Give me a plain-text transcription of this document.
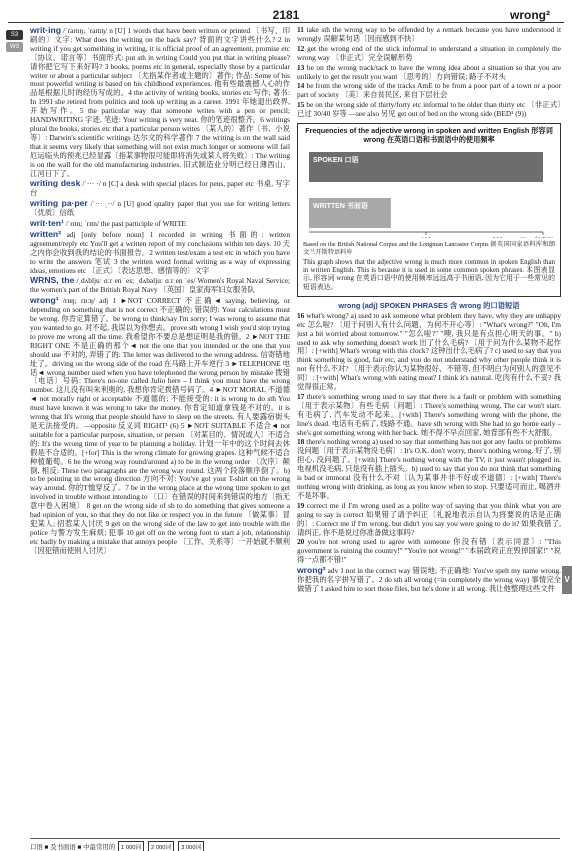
2181	wrong²
S3
W3

writ·ing /ˈraɪtɪŋ; ˈraɪtɪŋ/ n [U] 1 words that have been written or printed 〔书写、印刷的〕文字: What does the writing on the back say? 背面的文字讲些什么? 2 in writing if you get something in writing, it is official proof of an agreement, promise etc 〔协议、诺言等〕书面形式: put sth in writing Could you put that in writing please? 请你把它写下来好吗? 3 books, poems etc in general, especially those by a particular writer or about a particular subject 〔尤指某作者或主题的〕著作; 作品: Some of his most powerful writing is based on his childhood experiences. 他有些最震撼人心的作品是根据儿时的经历写成的。4 the activity of writing books, stories etc 写作; 著书: In 1991 she retired from politics and took up writing as a career. 1991 年她退出政界, 开始写作。5 the particular way that someone writes with a pen or pencil; HANDWRITING 字迹, 笔迹: Your writing is very neat. 你的笔迹很整齐。6 writings plural the books, stories etc that a particular person writes 〔某人的〕著作〔书、小说等〕: Darwin's scientific writings 达尔文的科学著作 7 the writing is on the wall said that it seems very likely that something will not exist much longer or someone will fail 厄运临头的预兆已经显露〔指某事物很可能即将消失或某人将失败〕: The writing is on the wall for the old manufacturing industries. 旧式制造业分明已经日薄西山、江河日下了。

writing desk /ˈ··· ·/ n [C] a desk with special places for pens, paper etc 书桌, 写字台

writing pa·per /ˈ··· ˌ··/ n [U] good quality paper that you use for writing letters 〔优质〕信纸

writ·ten¹ /ˈrɪtn; ˈrɪtn/ the past participle of WRITE

written² adj [only before noun] 1 recorded in writing 书面的: written agreement/reply etc You'll get a written report of my conclusions within ten days. 10 天之内你会收到我的结论的书面报告。2 written test/exam a test etc in which you have to write the answers 笔试 3 the written word formal writing as a way of expressing ideas, emotions etc 〔正式〕〔表达思想、感情等的〕文字

WRNS, the /ˌdʌbljuː ɑːr en ˈes; ˌdʌbəljuː ɑːr en ˈes/ Women's Royal Naval Service; the women's part of the British Royal Navy 〔英国〕皇家海军妇女服务队

wrong¹ /rɒŋ; rɒːŋ/ adj 1 ►NOT CORRECT 不正确◄ saying, believing, or depending on something that is not correct 不正确的; 错误的: Your calculations must be wrong. 你肯定算错了。be wrong to think/say I'm sorry; I was wrong to assume that you wanted to go. 对不起, 我误以为你想去。prove sth wrong I wish you'd stop trying to prove me wrong all the time. 我希望你不要总是想证明是我的错。2 ►NOT THE RIGHT ONE 不是正确的那个◄ not the one that you intended or the one that you should use 不对的, 弄错了的: The letter was delivered to the wrong address. 信寄错地址了。driving on the wrong side of the road 在马路上开车逆行 3 ►TELEPHONE 电话◄ wrong number used when you have telephoned the wrong person by mistake 拨错〔电话〕号码: There's no-one called Julio here – I think you must have the wrong number. 这儿没有叫朱利奥的, 我想你肯定拨错号码了。4 ►NOT MORAL 不道德◄ not morally right or acceptable 不道德的; 不能接受的: it is wrong to do sth You must have known it was wrong to take the money. 你肯定知道拿钱是不对的。it is wrong that It's wrong that people should have to sleep on the streets. 有人要露宿街头是无法接受的。—opposite 反义词 RIGHT¹ (6) 5 ►NOT SUITABLE 不适合◄ not suitable for a particular purpose, situation, or person 〔对某目的、情况或人〕不适合的: It's the wrong time of year to be planning a holiday. 计划一年中的这个时间去休假是不合适的。[+for] This is the wrong climate for growing grapes. 这种气候不适合种植葡萄。6 be the wrong way round/around a) to be in the wrong order 〔次序〕颠倒, 相反: These two paragraphs are the wrong way round. 这两个段落顺序倒了。b) to be pointing in the wrong direction 方向不对: You've got your T-shirt on the wrong way around. 你的T恤穿反了。7 be in the wrong place at the wrong time spoken to get involved in trouble without intending to 〔口〕在错误的时间来到错误的地方〔指无意中卷入困境〕 8 get on the wrong side of sb to do something that gives someone a bad opinion of you, so that they do not like or respect you in the future 〔做某事〕冒犯某人; 招惹某人讨厌 9 get on the wrong side of the law to get into trouble with the police 与警方发生麻烦; 犯事 10 get off on the wrong foot to start a job, relationship etc badly by making a mistake that annoys people 〔工作、关系等〕一开始就不顺利〔因犯错而使别人讨厌〕

11 take sth the wrong way to be offended by a remark because you have understood it wrongly 误解某句话〔因而感到不快〕

12 get the wrong end of the stick informal to understand a situation in completely the wrong way 〔非正式〕完全误解形势

13 be on the wrong track/tack to have the wrong idea about a situation so that you are unlikely to get the result you want 〔思考的〕方向错误; 路子不对头

14 be from the wrong side of the tracks AmE to be from a poor part of a town or a poor part of society 〔美〕来自贫民区, 来自下层社会

15 be on the wrong side of thirty/forty etc informal to be older than thirty etc 〔非正式〕已过 30/40 岁等 —see also 另见 get out of bed on the wrong side (BED¹ (9))

Frequencies of the adjective wrong in spoken and written English 形容词 wrong 在英语口语和书面语中的使用频率
SPOKEN 口语
WRITTEN 书面语
Based on the British National Corpus and the Longman Lancaster Corpus 据英国国家语料库和朗文兰开斯特语料库
This graph shows that the adjective wrong is much more common in spoken English than in written English. This is because it is used in some common spoken phrases. 本图表显示, 形容词 wrong 在英语口语中的使用频率远远高于书面语, 因为它用于一些常见的短语表达。

wrong (adj) SPOKEN PHRASES 含 wrong 的口语短语

16 what's wrong? a) used to ask someone what problem they have, why they are unhappy etc 怎么啦? 〔用于问别人有什么问题、为何不开心等〕: "What's wrong?" "Oh, I'm just a bit worried about tomorrow." "怎么啦?" "噢, 我只是有点担心明天的事。" b) used to ask why something doesn't work 出了什么毛病? 〔用于问为什么某物不起作用〕: [+with] What's wrong with this clock? 这钟出什么毛病了? c) used to say that you think something is good, fair etc, and you do not understand why other people think it is not 有什么不对? 〔用于表示你认为某物很好、不错等, 但不明白为何别人的意见不同〕: [+with] What's wrong with eating meat? I think it's natural. 吃肉有什么不妥? 我觉得很正常。

17 there's something wrong used to say that there is a fault or problem with something 〔用于表示某物〕有些毛病〔问题〕: There's something wrong. The car won't start. 有毛病了, 汽车发动不起来。[+with] There's something wrong with the phone, the line's dead. 电话有毛病了, 线路不通。have sth wrong with She had to go home early – she's got something wrong with her back. 她不得不早点回家, 她背部有些不大舒服。

18 there's nothing wrong a) used to say that something has not got any faults or problems 没问题〔用于表示某物没毛病〕: It's O.K. don't worry, there's nothing wrong. 好了, 别担心, 没问题了。[+with] There's nothing wrong with the TV, it just wasn't plugged in. 电视机没毛病, 只是没有插上插头。b) used to say that you do not think that something is bad or immoral 没有什么不对〔认为某事并非不好或不道德〕: [+with] There's nothing wrong with drinking, as long as you know when to stop. 只要适可而止, 喝酒并不是坏事。

19 correct me if I'm wrong used as a polite way of saying that you think what you are going to say is correct 如果错了请予纠正〔礼貌地表示自认为将要说的话是正确的〕: Correct me if I'm wrong, but didn't you say you were going to do it? 如果我错了, 请纠正, 你不是说过你准备做这事吗?

20 you're not wrong used to agree with someone 你没有错〔表示同意〕: "This government is ruining the country!" "You're not wrong!" "本届政府正在毁掉国家!" "说得一点都不错!"

wrong² adv 1 not in the correct way 错误地; 不正确地: You've spelt my name wrong. 你把我的名字拼写错了。2 do sth all wrong (=in completely the wrong way) 事情完全做错了 I asked him to sort those files, but he's done it all wrong. 我让他整理这些文件

V
口语 ■ 及书面语 ■ 中最常用的 1 000词 2 000词 3 000词
